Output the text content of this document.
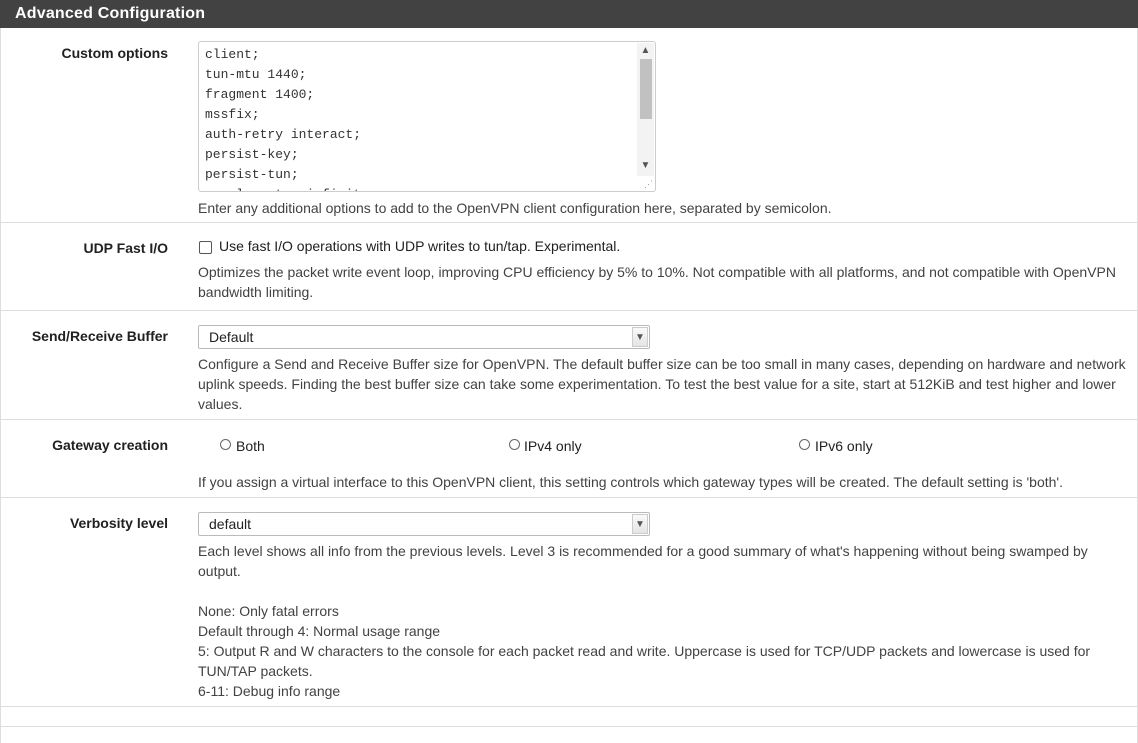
Advanced Configuration
Custom options
client; tun-mtu 1440; fragment 1400; mssfix; auth-retry interact; persist-key; persist-tun; resolv-retry infinite;	▲
▼
⋰
Enter any additional options to add to the OpenVPN client configuration here, separated by semicolon.
UDP Fast I/O	Use fast I/O operations with UDP writes to tun/tap. Experimental.
Optimizes the packet write event loop, improving CPU efficiency by 5% to 10%. Not compatible with all platforms, and not compatible with OpenVPN
bandwidth limiting.
Send/Receive Buffer	Default	▼
Configure a Send and Receive Buffer size for OpenVPN. The default buffer size can be too small in many cases, depending on hardware and network
uplink speeds. Finding the best buffer size can take some experimentation. To test the best value for a site, start at 512KiB and test higher and lower
values.
Gateway creation	Both	IPv4 only	IPv6 only
If you assign a virtual interface to this OpenVPN client, this setting controls which gateway types will be created. The default setting is 'both'.
Verbosity level	default	▼
Each level shows all info from the previous levels. Level 3 is recommended for a good summary of what's happening without being swamped by
output.
None: Only fatal errors
Default through 4: Normal usage range
5: Output R and W characters to the console for each packet read and write. Uppercase is used for TCP/UDP packets and lowercase is used for
TUN/TAP packets.
6-11: Debug info range
